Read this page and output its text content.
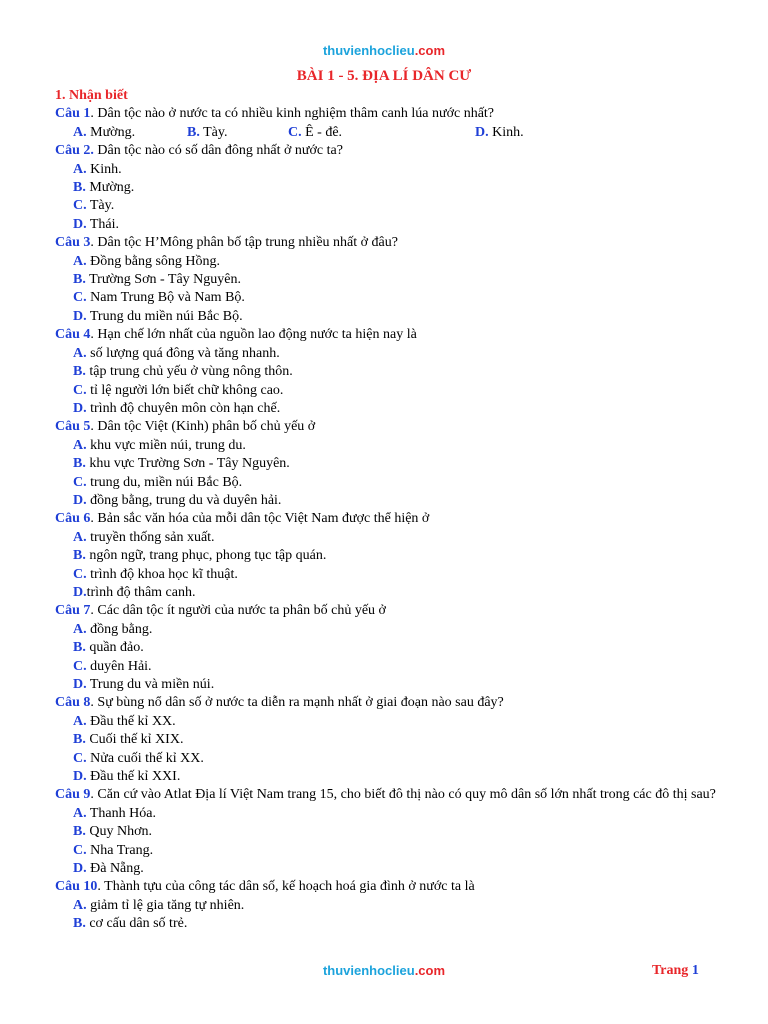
thuvienhoclieu.com
BÀI 1 - 5. ĐỊA LÍ DÂN CƯ
1. Nhận biết
Câu 1. Dân tộc nào ở nước ta có nhiều kinh nghiệm thâm canh lúa nước nhất?
A. Mường.	B. Tày.	C. Ê - đê.	D. Kinh.
Câu 2. Dân tộc nào có số dân đông nhất ở nước ta?
A. Kinh.
B. Mường.
C. Tày.
D. Thái.
Câu 3. Dân tộc H’Mông phân bố tập trung nhiều nhất ở đâu?
A. Đồng bằng sông Hồng.
B. Trường Sơn - Tây Nguyên.
C. Nam Trung Bộ và Nam Bộ.
D. Trung du miền núi Bắc Bộ.
Câu 4. Hạn chế lớn nhất của nguồn lao động nước ta hiện nay là
A. số lượng quá đông và tăng nhanh.
B. tập trung chủ yếu ở vùng nông thôn.
C. tỉ lệ người lớn biết chữ không cao.
D. trình độ chuyên môn còn hạn chế.
Câu 5. Dân tộc Việt (Kinh) phân bố chủ yếu ở
A. khu vực miền núi, trung du.
B. khu vực Trường Sơn - Tây Nguyên.
C. trung du, miền núi Bắc Bộ.
D. đồng bằng, trung du và duyên hải.
Câu 6. Bản sắc văn hóa của mỗi dân tộc Việt Nam được thể hiện ở
A. truyền thống sản xuất.
B. ngôn ngữ, trang phục, phong tục tập quán.
C. trình độ khoa học kĩ thuật.
D.trình độ thâm canh.
Câu 7. Các dân tộc ít người của nước ta phân bố chủ yếu ở
A. đồng bằng.
B. quần đảo.
C. duyên Hải.
D. Trung du và miền núi.
Câu 8. Sự bùng nổ dân số ở nước ta diễn ra mạnh nhất ở giai đoạn nào sau đây?
A. Đầu thế kỉ XX.
B. Cuối thế kỉ XIX.
C. Nửa cuối thế kỉ XX.
D. Đầu thế kỉ XXI.
Câu 9. Căn cứ vào Atlat Địa lí Việt Nam trang 15, cho biết đô thị nào có quy mô dân số lớn nhất trong các đô thị sau?
A. Thanh Hóa.
B. Quy Nhơn.
C. Nha Trang.
D. Đà Nẵng.
Câu 10. Thành tựu của công tác dân số, kế hoạch hoá gia đình ở nước ta là
A. giảm tỉ lệ gia tăng tự nhiên.
B. cơ cấu dân số trẻ.
thuvienhoclieu.com	Trang 1
